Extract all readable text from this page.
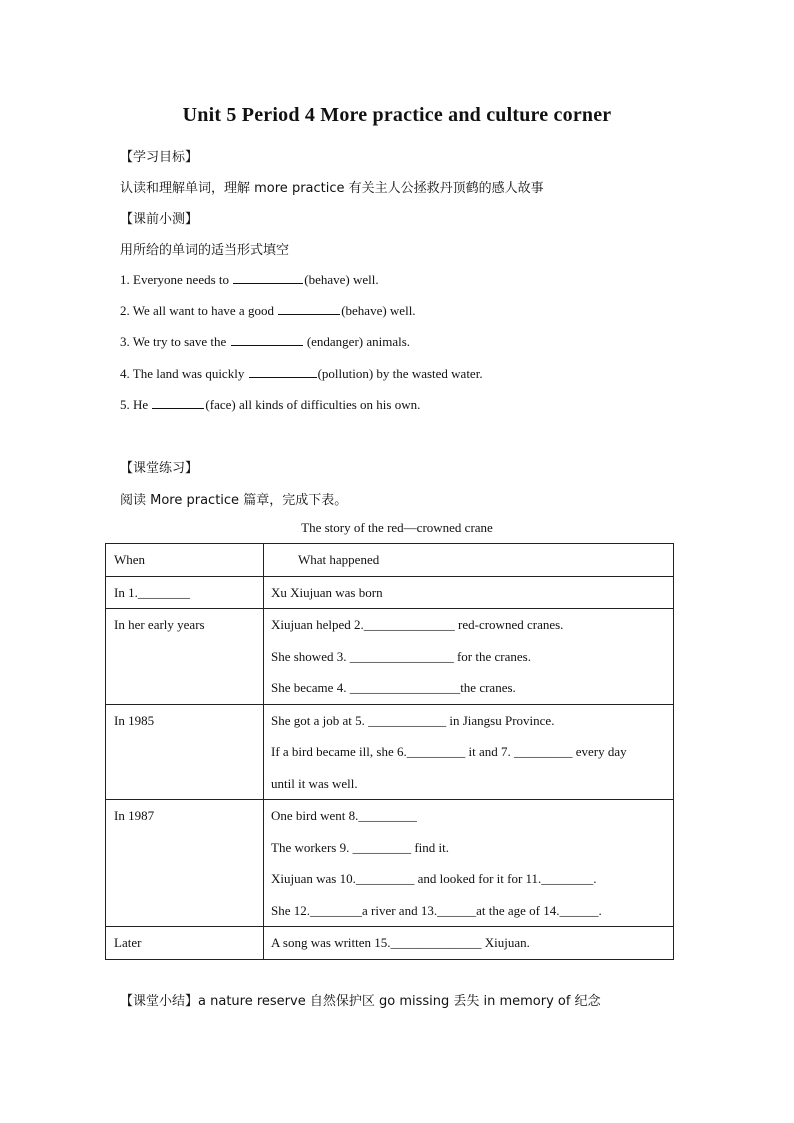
Unit 5 Period 4 More practice and culture corner
【学习目标】
认读和理解单词，理解 more practice 有关主人公拯救丹顶鹤的感人故事
【课前小测】
用所给的单词的适当形式填空
1. Everyone needs to	(behave) well.
2. We all want to have a good	(behave) well.
3. We try to save the	(endanger) animals.
4. The land was quickly	(pollution) by the wasted water.
5. He	(face) all kinds of difficulties on his own.
【课堂练习】
阅读 More practice 篇章，完成下表。
The story of the red—crowned crane
When	What happened

In 1.________	Xu Xiujuan was born

In her early years	Xiujuan helped 2.______________ red-crowned cranes.
She showed 3. ________________ for the cranes.
She became 4. _________________the cranes.

In 1985	She got a job at 5. ____________ in Jiangsu Province.
If a bird became ill, she 6._________ it and 7. _________ every day
until it was well.

In 1987	One bird went 8._________
The workers 9. _________ find it.
Xiujuan was 10._________ and looked for it for 11.________.
She 12.________a river and 13.______at the age of 14.______.

Later	A song was written 15.______________ Xiujuan.
【课堂小结】a nature reserve 自然保护区 go missing 丢失 in memory of 纪念
